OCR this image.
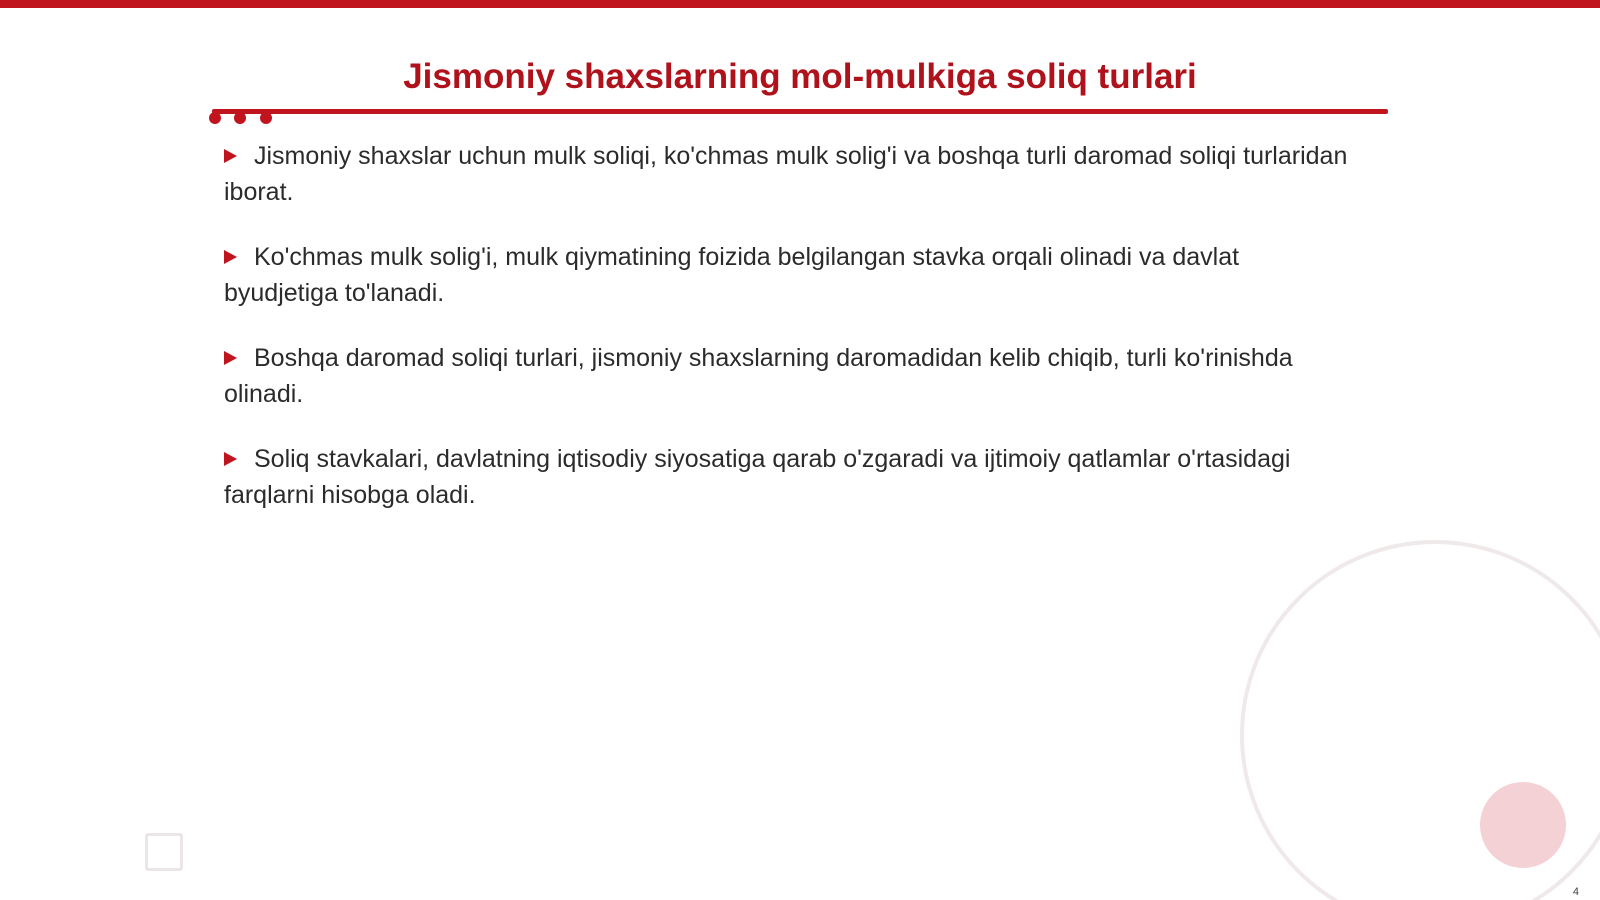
Jismoniy shaxslarning mol-mulkiga soliq turlari
Jismoniy shaxslar uchun mulk soliqi, ko'chmas mulk solig'i va boshqa turli daromad soliqi turlaridan iborat.
Ko'chmas mulk solig'i, mulk qiymatining foizida belgilangan stavka orqali olinadi va davlat byudjetiga to'lanadi.
Boshqa daromad soliqi turlari, jismoniy shaxslarning daromadidan kelib chiqib, turli ko'rinishda olinadi.
Soliq stavkalari, davlatning iqtisodiy siyosatiga qarab o'zgaradi va ijtimoiy qatlamlar o'rtasidagi farqlarni hisobga oladi.
4
